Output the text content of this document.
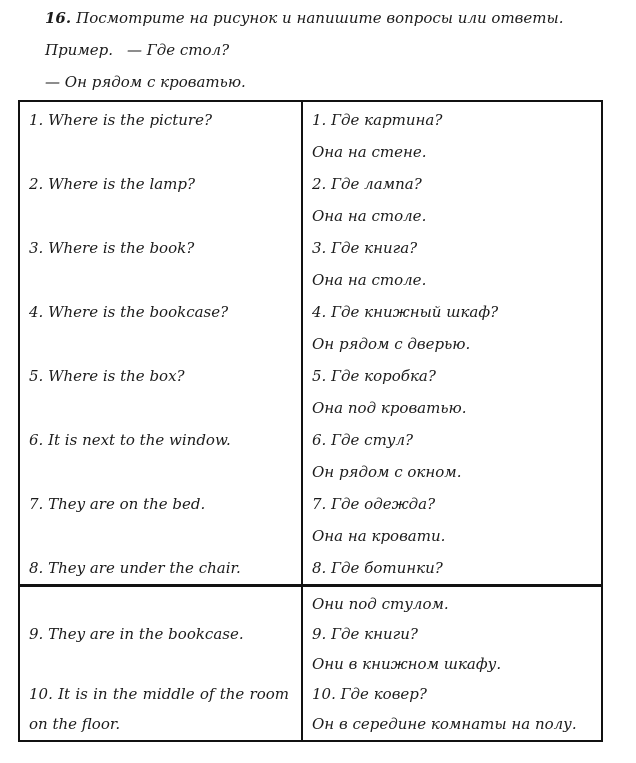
16. Посмотрите на рисунок и напишите вопросы или ответы.
Пример. — Где стол?
— Он рядом с кроватью.
1. Where is the picture?
2. Where is the lamp?
3. Where is the book?
4. Where is the bookcase?
5. Where is the box?
6. It is next to the window.
7. They are on the bed.
8. They are under the chair.
1. Где картина?
Она на стене.
2. Где лампа?
Она на столе.
3. Где книга?
Она на столе.
4. Где книжный шкаф?
Он рядом с дверью.
5. Где коробка?
Она под кроватью.
6. Где стул?
Он рядом с окном.
7. Где одежда?
Она на кровати.
8. Где ботинки?
9. They are in the bookcase.
10. It is in the middle of the room on the floor.
Они под стулом.
9. Где книги?
Они в книжном шкафу.
10. Где ковер?
Он в середине комнаты на полу.
